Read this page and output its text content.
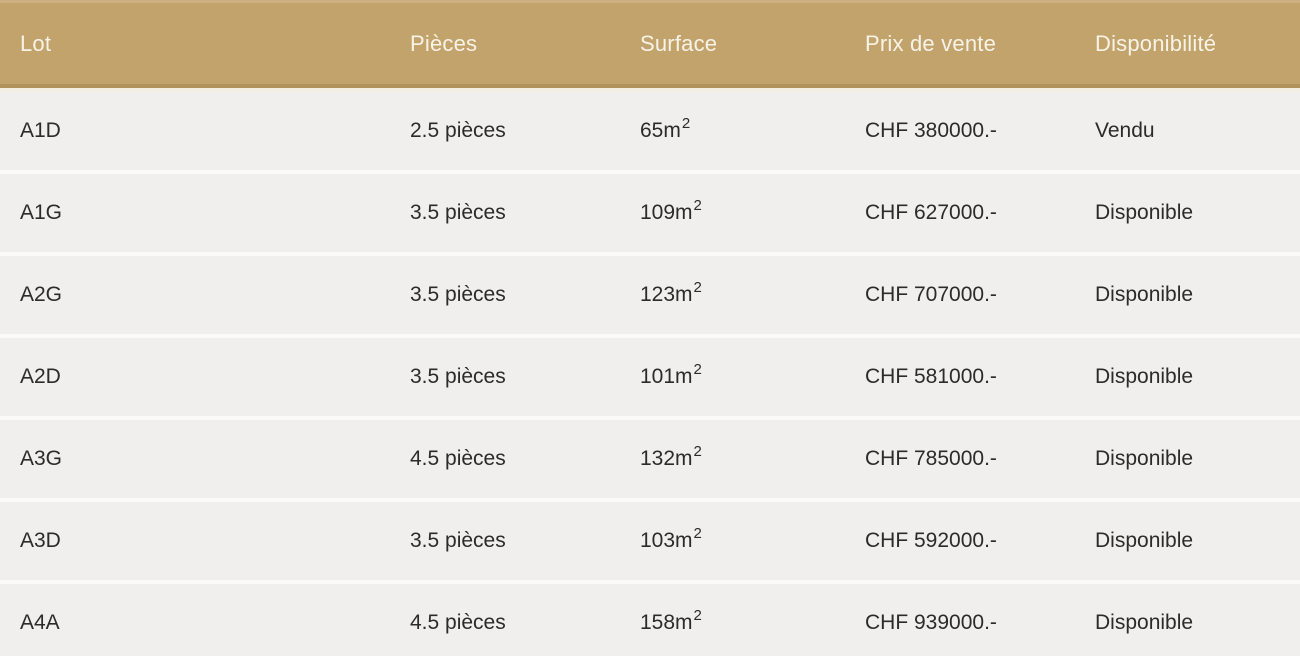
Lot	Pièces	Surface	Prix de vente	Disponibilité
A1D	2.5 pièces	65m 2	CHF 380000.-	Vendu
A1G	3.5 pièces	109m 2	CHF 627000.-	Disponible
A2G	3.5 pièces	123m 2	CHF 707000.-	Disponible
A2D	3.5 pièces	101m 2	CHF 581000.-	Disponible
A3G	4.5 pièces	132m 2	CHF 785000.-	Disponible
A3D	3.5 pièces	103m 2	CHF 592000.-	Disponible
A4A	4.5 pièces	158m 2	CHF 939000.-	Disponible
